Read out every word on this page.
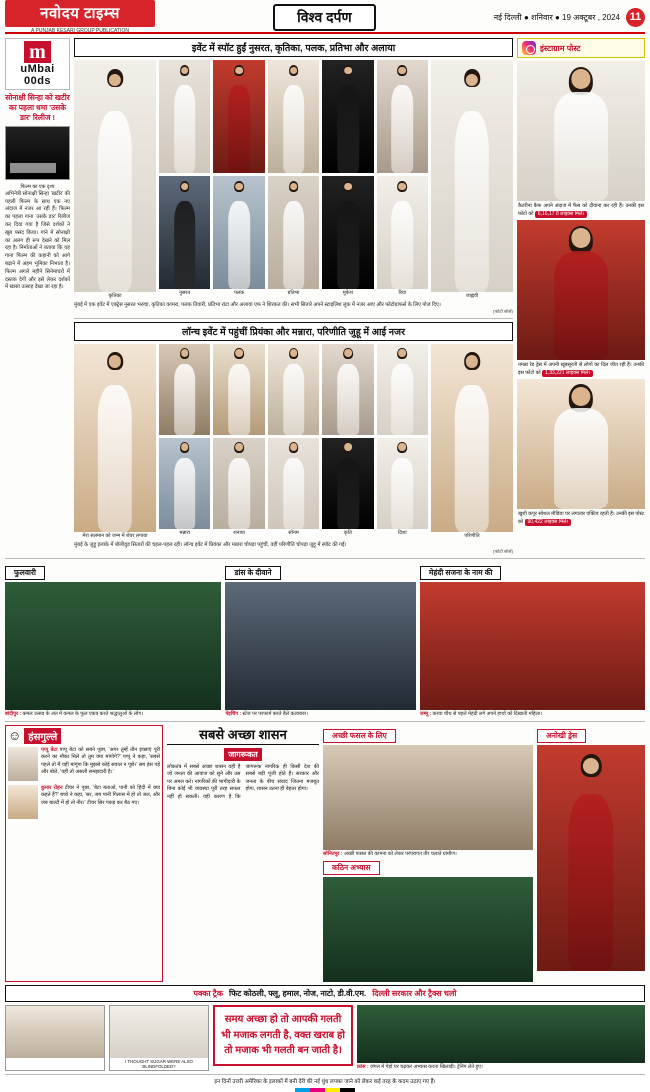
नवोदय टाइम्स
A PUNJAB KESARI GROUP PUBLICATION
विश्व दर्पण	नई दिल्ली ● शनिवार ● 19 अक्टूबर , 2024 11
m
uMbai
00ds
सोनाक्षी सिन्हा को खटीर का पहला धमा 'उसके डार' रिलीज !
फिल्म का एक दृश्य
अभिनेत्री सोनाक्षी सिन्हा ‘खटीर’ की पहली फिल्म के साथ एक नए अंदाज में नजर आ रही हैं। फिल्म का पहला गाना ‘उसके डार’ रिलीज कर दिया गया है जिसे दर्शकों ने खूब पसंद किया। गाने में सोनाक्षी का अलग ही रूप देखने को मिल रहा है। निर्माताओं ने बताया कि यह गाना फिल्म की कहानी को आगे बढ़ाने में अहम भूमिका निभाता है। फिल्म अगले महीने सिनेमाघरों में दस्तक देगी और इसे लेकर दर्शकों में खासा उत्साह देखा जा रहा है।
इवेंट में स्पॉट हुईं नुसरत, कृतिका, पलक, प्रतिभा और अलाया
कृतिका	नुसरत	पलक	प्रतिभा	मुकेश	रिया	जाह्नवी
मुंबई में एक इवेंट में एक्ट्रेस नुसरत भरुचा, कृतिका कामरा, पलक तिवारी, प्रतिभा रांटा और अलाया एफ ने शिरकत की। सभी सितारे अपने स्टाइलिश लुक में नजर आए और फोटोग्राफर्स के लिए पोज दिए।
(फोटो सोर्स)
लॉन्च इवेंट में पहुंचीं प्रियंका और मन्नारा, परिणीति जुहू में आई नजर
मेरा सलमान को जन्म में शेयर लगाया	मन्नारा	शनाया	सोनम	कृति	दिशा	परिणीति
मुंबई के जुहू इलाके में बॉलीवुड सितारों की चहल-पहल रही। लॉन्च इवेंट में प्रियंका और मन्नारा चोपड़ा पहुंचीं, वहीं परिणीति चोपड़ा जुहू में स्पॉट की गईं।
(फोटो सोर्स)
इंस्टाग्राम पोस्ट
कैटरीना कैफ अपने अंदाज में फैंस को दीवाना कर रही हैं। उनकी इस फोटो को 6,16,17 8 लाइक्स मिले।
तमन्ना रेड ड्रेस में अपनी खूबसूरती से लोगों का दिल जीत रही हैं। उनकी इस फोटो को 1,33,221 लाइक्स मिले।
खुशी कपूर सोशल मीडिया पर लगातार एक्टिव रहती हैं। उनकी इस पोस्ट को 90,422 लाइक्स मिले।
फुलवारी
बांदीपुर : कमल उत्सव के अंत में कमल के फूल एकत्र करते श्रद्धालुओं के लोग।
डांस के दीवाने
पेइचिंग : स्टेज पर परफार्म करते बैले कलाकार।
मेहंदी सजना के नाम की
जम्मू : करवा चौथ से पहले मेहंदी लगे अपने हाथों को दिखाती महिला।
☺ हंसगुल्ले
पप्पू बेटा पप्पू बेटा को सबने पूछा, 'अगर तुम्हें तीन इच्छाएं पूरी करने का मौका मिले तो तुम क्या मांगोगे?' पप्पू ने कहा, 'सबसे पहले तो मैं यही मांगूंगा कि मुझसे कोई सवाल न पूछे।' सब हंस पड़े और बोले, 'यही तो असली समझदारी है।'
कुमार रोहन टीचर ने पूछा, 'बेटा बताओ, पानी को हिंदी में क्या कहते हैं?' बच्चे ने कहा, 'सर, जब पानी गिलास में हो तो जल, और जब बाल्टी में हो तो नीर।' टीचर सिर पकड़ कर बैठ गए।
सबसे अच्छा शासन
जागरूकत
लोकतंत्र में सबसे अच्छा शासन वही है जो जनता की आवाज को सुने और उस पर अमल करे। नागरिकों की भागीदारी के बिना कोई भी व्यवस्था पूरी तरह सफल नहीं हो सकती। यही कारण है कि जागरूक नागरिक ही किसी देश की सबसे बड़ी पूंजी होते हैं। सरकार और जनता के बीच संवाद जितना मजबूत होगा, शासन उतना ही बेहतर होगा।
अच्छी फसल के लिए
सोनितपुर : अच्छी फसल की कामना को लेकर परंपरागत तीर चलाते ग्रामीण।
कठिन अभ्यास
अनोखी ड्रेस
पक्का ट्रैक फिट कोठली, फ्लू, हमाल, नोज, नाटो, डी.वी.एम. दिल्ली सरकार और ट्रैक्स चलो
I THOUGHT SUGAR WERE ALSO BLINDFOLDED?
समय अच्छा हो तो आपकी गलती भी मजाक लगती है, वक्त खराब हो तो मजाक भी गलती बन जाती है।
फ्रांस : जंगल में पेड़ों पर चढ़कर अभ्यास करता खिलाड़ी। ट्रेनिंग लेते हुए।
इन दिनों उत्तरी अमेरिका के इलाकों में बनी देरी की नई धुंध लपका जाने को लेकर कई तरह के कदम उठाए गए हैं।
